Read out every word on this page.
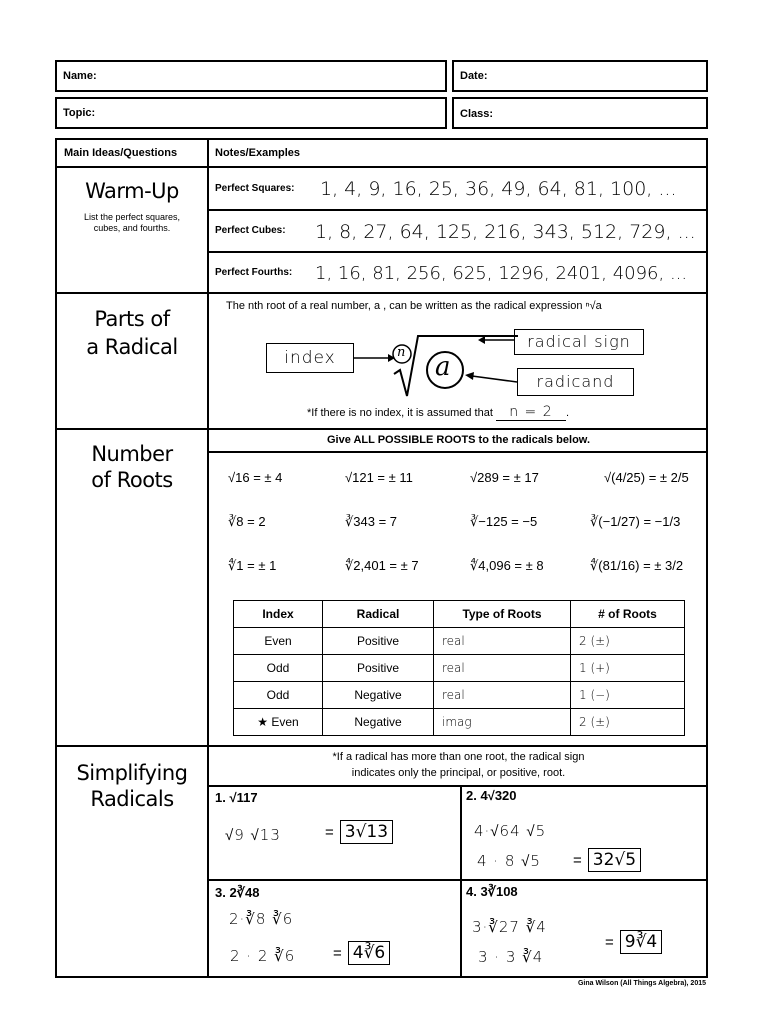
Name:	Date:
Topic:	Class:
Main Ideas/Questions	Notes/Examples
Warm-Up
List the perfect squares, cubes, and fourths.
Perfect Squares: 1, 4, 9, 16, 25, 36, 49, 64, 81, 100, ...
Perfect Cubes: 1, 8, 27, 64, 125, 216, 343, 512, 729, ...
Perfect Fourths: 1, 16, 81, 256, 625, 1296, 2401, 4096, ...
Parts of
a Radical
The nth root of a real number, a , can be written as the radical expression ⁿ√a
index
radical sign
radicand
n a
*If there is no index, it is assumed that n = 2 .
Number
of Roots
Give ALL POSSIBLE ROOTS to the radicals below.
√16 = ± 4	√121 = ± 11	√289 = ± 17	√(4/25) = ± 2/5
∛8 = 2	∛343 = 7	∛−125 = −5	∛(−1/27) = −1/3
∜1 = ± 1	∜2,401 = ± 7	∜4,096 = ± 8	∜(81/16) = ± 3/2
Index	Radical	Type of Roots	# of Roots
Even	Positive	real	2 (±)
Odd	Positive	real	1 (+)
Odd	Negative	real	1 (−)
★ Even	Negative	imag	2 (±)
Simplifying
Radicals
*If a radical has more than one root, the radical sign
indicates only the principal, or positive, root.
1. √117
√9 √13	= 3√13
2. 4√320
4·√64 √5
4 · 8 √5 = 32√5
3. 2∛48
2·∛8 ∛6
2 · 2 ∛6	= 4∛6
4. 3∛108
3·∛27 ∛4
3 · 3 ∛4
= 9∛4
Gina Wilson (All Things Algebra), 2015
